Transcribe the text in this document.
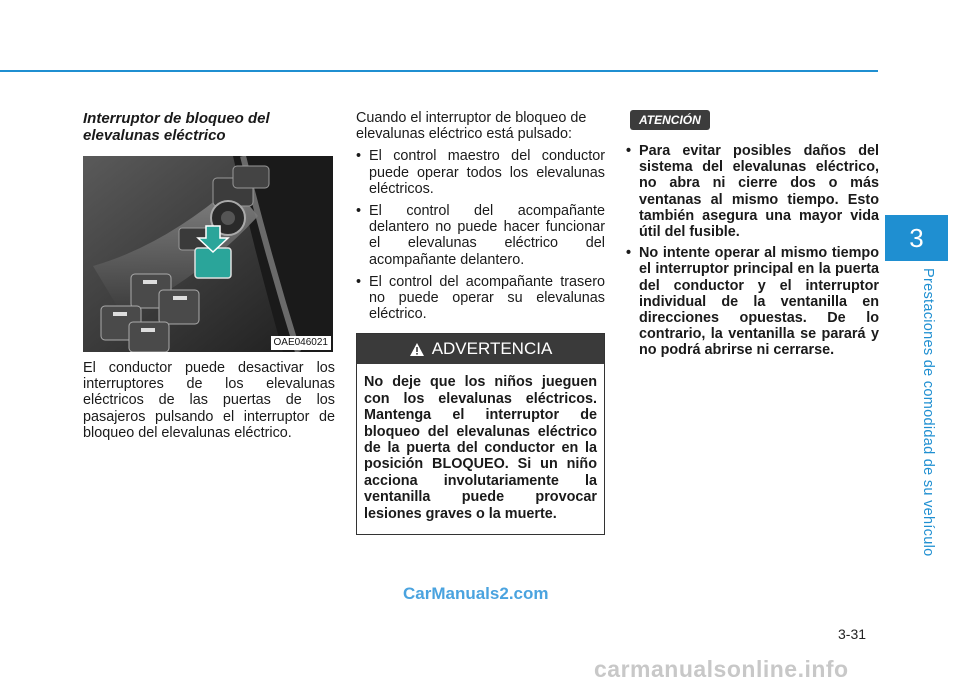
3
Prestaciones de comodidad de su vehículo
Interruptor de bloqueo del elevalunas eléctrico
OAE046021

El conductor puede desactivar los interruptores de los elevalunas eléctricos de las puertas de los pasajeros pulsando el interruptor de bloqueo del elevalunas eléctrico.

Cuando el interruptor de bloqueo de elevalunas eléctrico está pulsado:

• El control maestro del conductor puede operar todos los elevalunas eléctricos.
• El control del acompañante delantero no puede hacer funcionar el elevalunas eléctrico del acompañante delantero.
• El control del acompañante trasero no puede operar su elevalunas eléctrico.
ADVERTENCIA
No deje que los niños jueguen con los elevalunas eléctricos. Mantenga el interruptor de bloqueo del elevalunas eléctrico de la puerta del conductor en la posición BLOQUEO. Si un niño acciona involutariamente la ventanilla puede provocar lesiones graves o la muerte.
ATENCIÓN
• Para evitar posibles daños del sistema del elevalunas eléctrico, no abra ni cierre dos o más ventanas al mismo tiempo. Esto también asegura una mayor vida útil del fusible.
• No intente operar al mismo tiempo el interruptor principal en la puerta del conductor y el interruptor individual de la ventanilla en direcciones opuestas. De lo contrario, la ventanilla se parará y no podrá abrirse ni cerrarse.
CarManuals2.com
3-31
carmanualsonline.info
